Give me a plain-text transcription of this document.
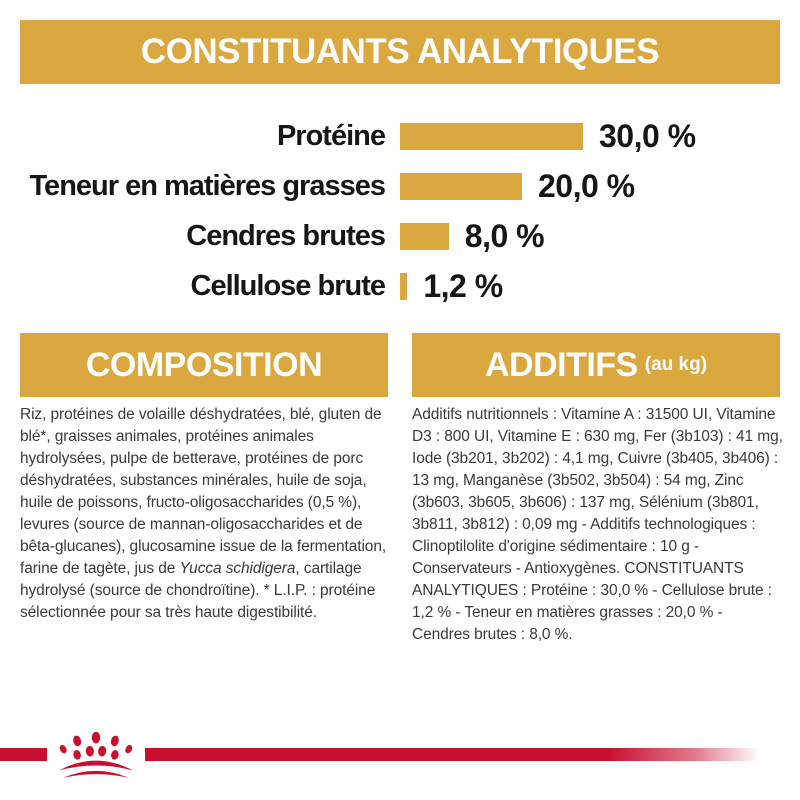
CONSTITUANTS ANALYTIQUES
Protéine	30,0 %
Teneur en matières grasses	20,0 %
Cendres brutes 8,0 %
Cellulose brute 1,2 %
COMPOSITION	ADDITIFS (au kg)

Riz, protéines de volaille déshydratées, blé, gluten de blé*, graisses animales, protéines animales hydrolysées, pulpe de betterave, protéines de porc déshydratées, substances minérales, huile de soja, huile de poissons, fructo-oligosaccharides (0,5 %), levures (source de mannan-oligosaccharides et de bêta-glucanes), glucosamine issue de la fermentation, farine de tagète, jus de Yucca schidigera, cartilage hydrolysé (source de chondroïtine). * L.I.P. : protéine sélectionnée pour sa très haute digestibilité.

Additifs nutritionnels : Vitamine A : 31500 UI, Vitamine D3 : 800 UI, Vitamine E : 630 mg, Fer (3b103) : 41 mg, Iode (3b201, 3b202) : 4,1 mg, Cuivre (3b405, 3b406) : 13 mg, Manganèse (3b502, 3b504) : 54 mg, Zinc (3b603, 3b605, 3b606) : 137 mg, Sélénium (3b801, 3b811, 3b812) : 0,09 mg - Additifs technologiques : Clinoptilolite d'origine sédimentaire : 10 g - Conservateurs - Antioxygènes. CONSTITUANTS ANALYTIQUES : Protéine : 30,0 % - Cellulose brute : 1,2 % - Teneur en matières grasses : 20,0 % - Cendres brutes : 8,0 %.
